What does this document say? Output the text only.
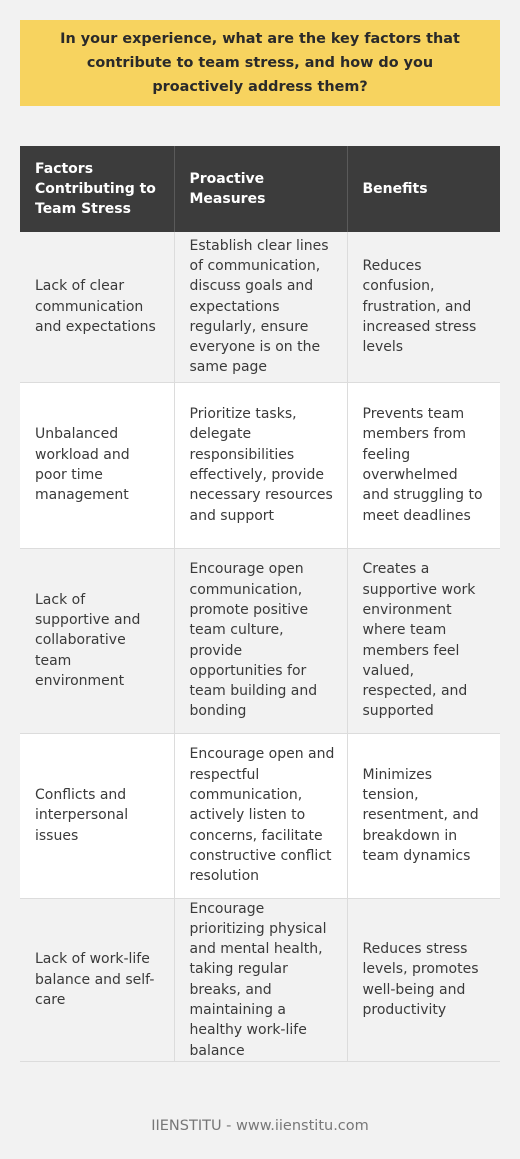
In your experience, what are the key factors that contribute to team stress, and how do you proactively address them?
Factors Contributing to Team Stress	Proactive Measures	Benefits
Lack of clear communication and expectations	Establish clear lines of communication, discuss goals and expectations regularly, ensure everyone is on the same page	Reduces confusion, frustration, and increased stress levels
Unbalanced workload and poor time management	Prioritize tasks, delegate responsibilities effectively, provide necessary resources and support	Prevents team members from feeling overwhelmed and struggling to meet deadlines
Lack of supportive and collaborative team environment	Encourage open communication, promote positive team culture, provide opportunities for team building and bonding	Creates a supportive work environment where team members feel valued, respected, and supported
Conflicts and interpersonal issues	Encourage open and respectful communication, actively listen to concerns, facilitate constructive conflict resolution	Minimizes tension, resentment, and breakdown in team dynamics
Lack of work-life balance and self-care	Encourage prioritizing physical and mental health, taking regular breaks, and maintaining a healthy work-life balance	Reduces stress levels, promotes well-being and productivity
IIENSTITU - www.iienstitu.com
